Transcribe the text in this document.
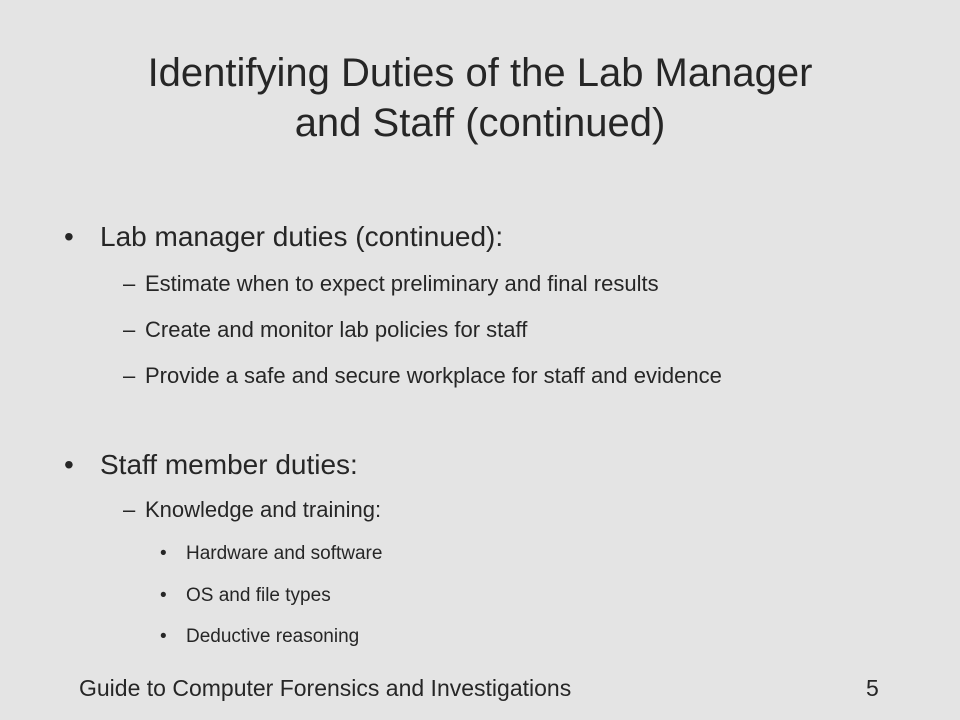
Identifying Duties of the Lab Manager
and Staff (continued)
• Lab manager duties (continued):
– Estimate when to expect preliminary and final results
– Create and monitor lab policies for staff
– Provide a safe and secure workplace for staff and evidence
• Staff member duties:
– Knowledge and training:
•	Hardware and software
•	OS and file types
•	Deductive reasoning
Guide to Computer Forensics and Investigations	5
